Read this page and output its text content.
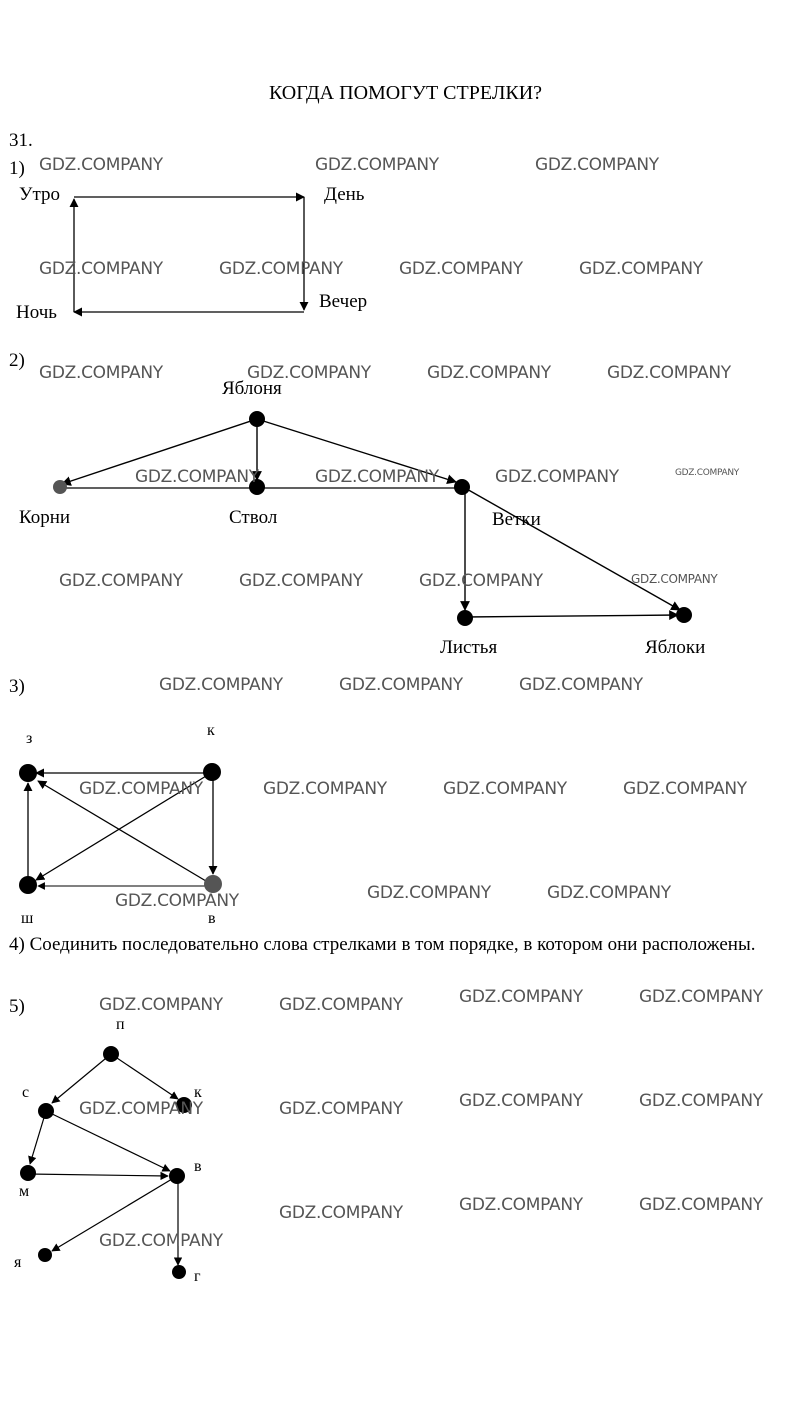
КОГДА ПОМОГУТ СТРЕЛКИ?
31.
1)
Утро	День
Вечер
Ночь
2)
Яблоня
Корни	Ствол	Ветки
Листья	Яблоки
3)
з	к
ш	в
4) Соединить последовательно слова стрелками в том порядке, в котором они расположены.
5)
п
с	к
м
в
я
г
GDZ.COMPANY	GDZ.COMPANY	GDZ.COMPANY
GDZ.COMPANY	GDZ.COMPANY	GDZ.COMPANY	GDZ.COMPANY
GDZ.COMPANY	GDZ.COMPANY	GDZ.COMPANY	GDZ.COMPANY
GDZ.COMPANY	GDZ.COMPANY	GDZ.COMPANY	GDZ.COMPANY
GDZ.COMPANY	GDZ.COMPANY	GDZ.COMPANY	GDZ.COMPANY
GDZ.COMPANY	GDZ.COMPANY	GDZ.COMPANY
GDZ.COMPANY	GDZ.COMPANY	GDZ.COMPANY	GDZ.COMPANY
GDZ.COMPANY	GDZ.COMPANY	GDZ.COMPANY
GDZ.COMPANY	GDZ.COMPANY	GDZ.COMPANY	GDZ.COMPANY
GDZ.COMPANY	GDZ.COMPANY	GDZ.COMPANY	GDZ.COMPANY
GDZ.COMPANY	GDZ.COMPANY	GDZ.COMPANY
GDZ.COMPANY
